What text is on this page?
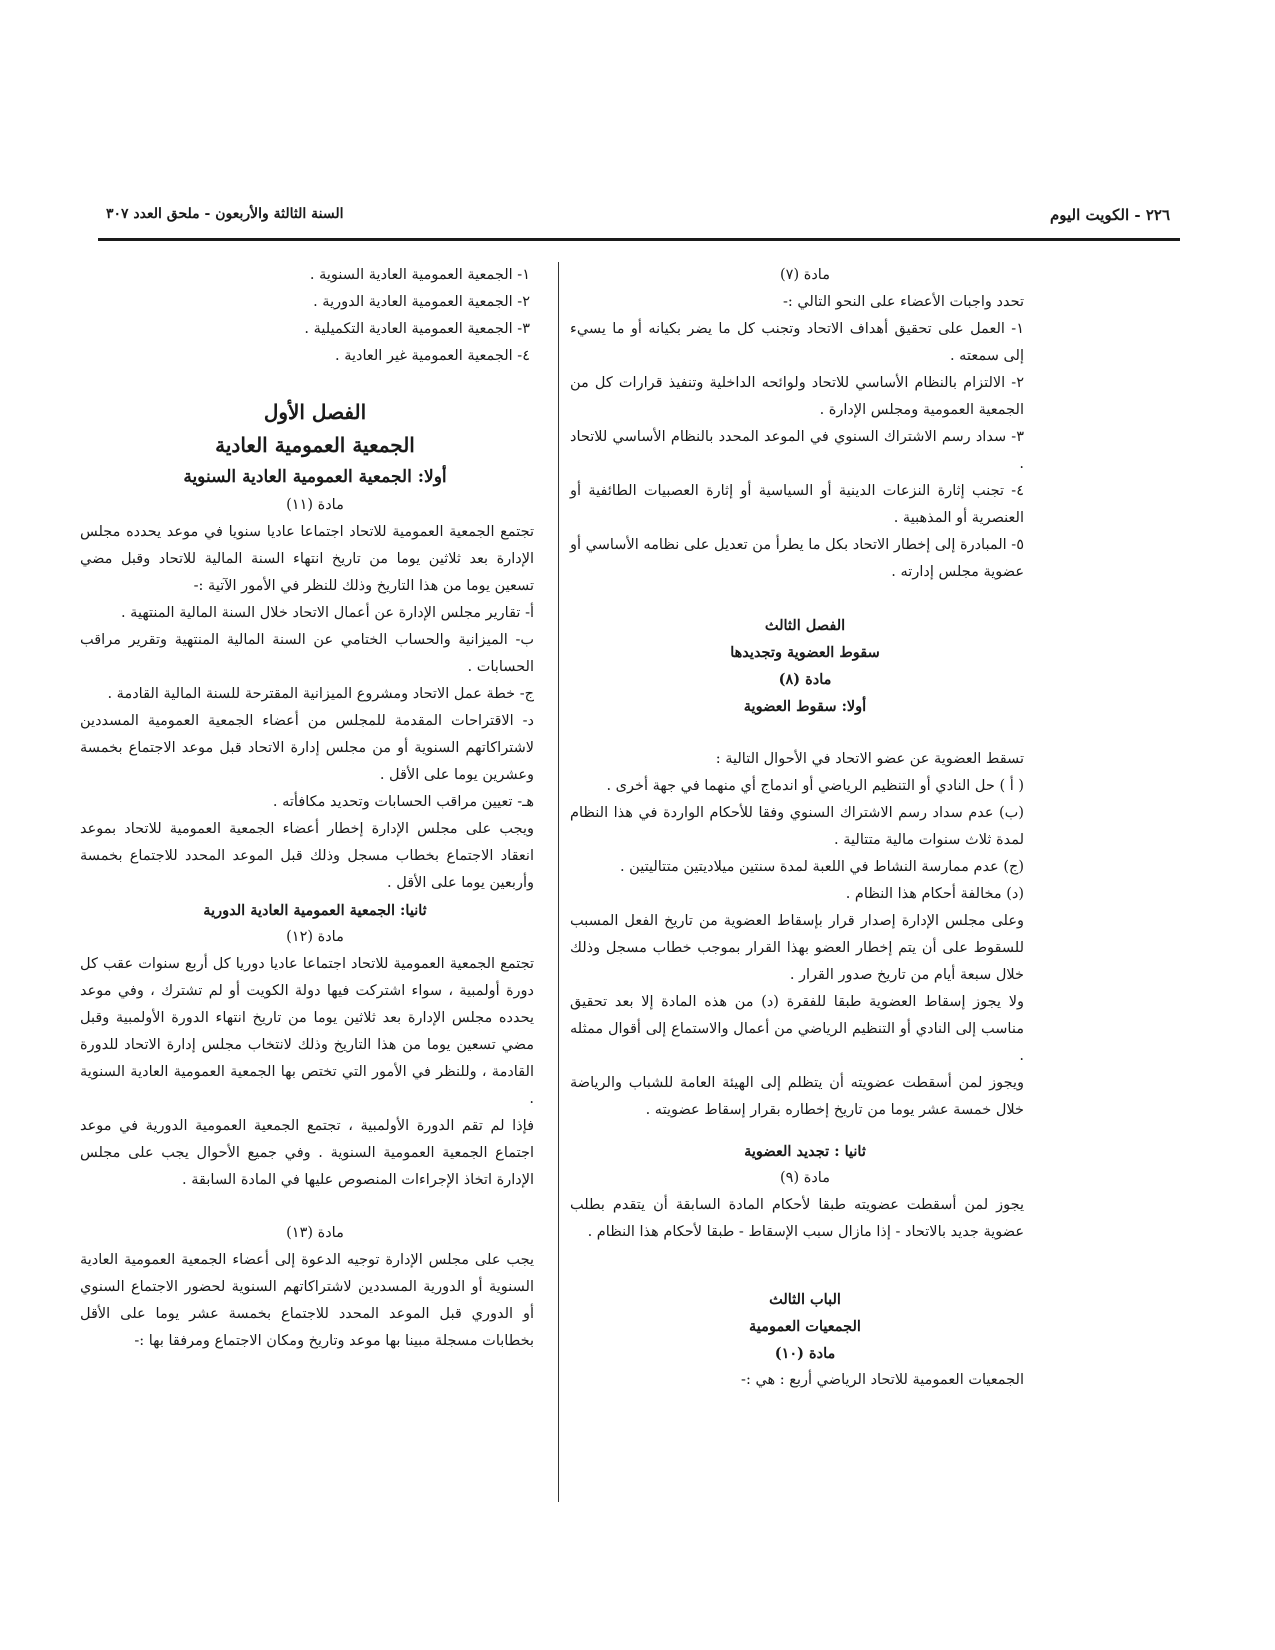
٢٢٦ - الكويت اليوم
السنة الثالثة والأربعون - ملحق العدد ٣٠٧

مادة (٧)

تحدد واجبات الأعضاء على النحو التالي :-

١- العمل على تحقيق أهداف الاتحاد وتجنب كل ما يضر بكيانه أو ما يسيء إلى سمعته .

٢- الالتزام بالنظام الأساسي للاتحاد ولوائحه الداخلية وتنفيذ قرارات كل من الجمعية العمومية ومجلس الإدارة .

٣- سداد رسم الاشتراك السنوي في الموعد المحدد بالنظام الأساسي للاتحاد .

٤- تجنب إثارة النزعات الدينية أو السياسية أو إثارة العصبيات الطائفية أو العنصرية أو المذهبية .

٥- المبادرة إلى إخطار الاتحاد بكل ما يطرأ من تعديل على نظامه الأساسي أو عضوية مجلس إدارته .

الفصل الثالث

سقوط العضوية وتجديدها

مادة (٨)

أولا: سقوط العضوية

تسقط العضوية عن عضو الاتحاد في الأحوال التالية :

( أ ) حل النادي أو التنظيم الرياضي أو اندماج أي منهما في جهة أخرى .

(ب) عدم سداد رسم الاشتراك السنوي وفقا للأحكام الواردة في هذا النظام لمدة ثلاث سنوات مالية متتالية .

(ج) عدم ممارسة النشاط في اللعبة لمدة سنتين ميلاديتين متتاليتين .

(د) مخالفة أحكام هذا النظام .

وعلى مجلس الإدارة إصدار قرار بإسقاط العضوية من تاريخ الفعل المسبب للسقوط على أن يتم إخطار العضو بهذا القرار بموجب خطاب مسجل وذلك خلال سبعة أيام من تاريخ صدور القرار .

ولا يجوز إسقاط العضوية طبقا للفقرة (د) من هذه المادة إلا بعد تحقيق مناسب إلى النادي أو التنظيم الرياضي من أعمال والاستماع إلى أقوال ممثله .

ويجوز لمن أسقطت عضويته أن يتظلم إلى الهيئة العامة للشباب والرياضة خلال خمسة عشر يوما من تاريخ إخطاره بقرار إسقاط عضويته .

ثانيا : تجديد العضوية

مادة (٩)

يجوز لمن أسقطت عضويته طبقا لأحكام المادة السابقة أن يتقدم بطلب عضوية جديد بالاتحاد - إذا مازال سبب الإسقاط - طبقا لأحكام هذا النظام .

الباب الثالث

الجمعيات العمومية

مادة (١٠)

الجمعيات العمومية للاتحاد الرياضي أربع : هي :-

١- الجمعية العمومية العادية السنوية .

٢- الجمعية العمومية العادية الدورية .

٣- الجمعية العمومية العادية التكميلية .

٤- الجمعية العمومية غير العادية .

الفصل الأول

الجمعية العمومية العادية

أولا: الجمعية العمومية العادية السنوية

مادة (١١)

تجتمع الجمعية العمومية للاتحاد اجتماعا عاديا سنويا في موعد يحدده مجلس الإدارة بعد ثلاثين يوما من تاريخ انتهاء السنة المالية للاتحاد وقبل مضي تسعين يوما من هذا التاريخ وذلك للنظر في الأمور الآتية :-

أ- تقارير مجلس الإدارة عن أعمال الاتحاد خلال السنة المالية المنتهية .

ب- الميزانية والحساب الختامي عن السنة المالية المنتهية وتقرير مراقب الحسابات .

ج- خطة عمل الاتحاد ومشروع الميزانية المقترحة للسنة المالية القادمة .

د- الاقتراحات المقدمة للمجلس من أعضاء الجمعية العمومية المسددين لاشتراكاتهم السنوية أو من مجلس إدارة الاتحاد قبل موعد الاجتماع بخمسة وعشرين يوما على الأقل .

هـ- تعيين مراقب الحسابات وتحديد مكافأته .

ويجب على مجلس الإدارة إخطار أعضاء الجمعية العمومية للاتحاد بموعد انعقاد الاجتماع بخطاب مسجل وذلك قبل الموعد المحدد للاجتماع بخمسة وأربعين يوما على الأقل .

ثانيا: الجمعية العمومية العادية الدورية

مادة (١٢)

تجتمع الجمعية العمومية للاتحاد اجتماعا عاديا دوريا كل أربع سنوات عقب كل دورة أولمبية ، سواء اشتركت فيها دولة الكويت أو لم تشترك ، وفي موعد يحدده مجلس الإدارة بعد ثلاثين يوما من تاريخ انتهاء الدورة الأولمبية وقبل مضي تسعين يوما من هذا التاريخ وذلك لانتخاب مجلس إدارة الاتحاد للدورة القادمة ، وللنظر في الأمور التي تختص بها الجمعية العمومية العادية السنوية .

فإذا لم تقم الدورة الأولمبية ، تجتمع الجمعية العمومية الدورية في موعد اجتماع الجمعية العمومية السنوية . وفي جميع الأحوال يجب على مجلس الإدارة اتخاذ الإجراءات المنصوص عليها في المادة السابقة .

مادة (١٣)

يجب على مجلس الإدارة توجيه الدعوة إلى أعضاء الجمعية العمومية العادية السنوية أو الدورية المسددين لاشتراكاتهم السنوية لحضور الاجتماع السنوي أو الدوري قبل الموعد المحدد للاجتماع بخمسة عشر يوما على الأقل بخطابات مسجلة مبينا بها موعد وتاريخ ومكان الاجتماع ومرفقا بها :-
